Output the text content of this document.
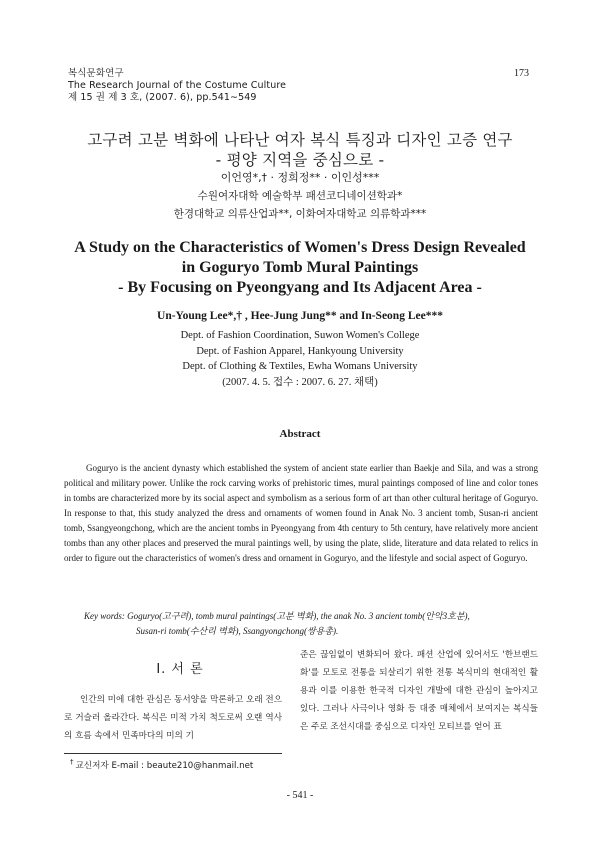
복식문화연구
The Research Journal of the Costume Culture
제 15 권 제 3 호, (2007. 6), pp.541∼549
173
고구려 고분 벽화에 나타난 여자 복식 특징과 디자인 고증 연구
- 평양 지역을 중심으로 -
이언영*,† · 정희정** · 이인성***
수원여자대학 예술학부 패션코디네이션학과*
한경대학교 의류산업과**, 이화여자대학교 의류학과***
A Study on the Characteristics of Women's Dress Design Revealed
in Goguryo Tomb Mural Paintings
- By Focusing on Pyeongyang and Its Adjacent Area -
Un-Young Lee*,† , Hee-Jung Jung** and In-Seong Lee***
Dept. of Fashion Coordination, Suwon Women's College
Dept. of Fashion Apparel, Hankyoung University
Dept. of Clothing & Textiles, Ewha Womans University
(2007. 4. 5. 접수 : 2007. 6. 27. 채택)
Abstract
Goguryo is the ancient dynasty which established the system of ancient state earlier than Baekje and Sila, and was a strong political and military power. Unlike the rock carving works of prehistoric times, mural paintings composed of line and color tones in tombs are characterized more by its social aspect and symbolism as a serious form of art than other cultural heritage of Goguryo. In response to that, this study analyzed the dress and ornaments of women found in Anak No. 3 ancient tomb, Susan-ri ancient tomb, Ssangyeongchong, which are the ancient tombs in Pyeongyang from 4th century to 5th century, have relatively more ancient tombs than any other places and preserved the mural paintings well, by using the plate, slide, literature and data related to relics in order to figure out the characteristics of women's dress and ornament in Goguryo, and the lifestyle and social aspect of Goguryo.
Key words: Goguryo(고구려), tomb mural paintings(고분 벽화), the anak No. 3 ancient tomb(안악3호분),
Susan-ri tomb(수산리 벽화), Ssangyongchong(쌍용총).
Ⅰ. 서 론
인간의 미에 대한 관심은 동서양을 막론하고 오래 전으로 거슬러 올라간다. 복식은 미적 가치 척도로써 오랜 역사의 흐름 속에서 민족마다의 미의 기
준은 끊임없이 변화되어 왔다. 패션 산업에 있어서도 '한브랜드 화'를 모토로 전통을 되살리기 위한 전통 복식미의 현대적인 활용과 이를 이용한 한국적 디자인 개발에 대한 관심이 높아지고 있다. 그러나 사극이나 영화 등 대중 매체에서 보여지는 복식들은 주로 조선시대를 중심으로 디자인 모티브를 얻어 표
† 교신저자 E-mail : beaute210@hanmail.net
- 541 -
